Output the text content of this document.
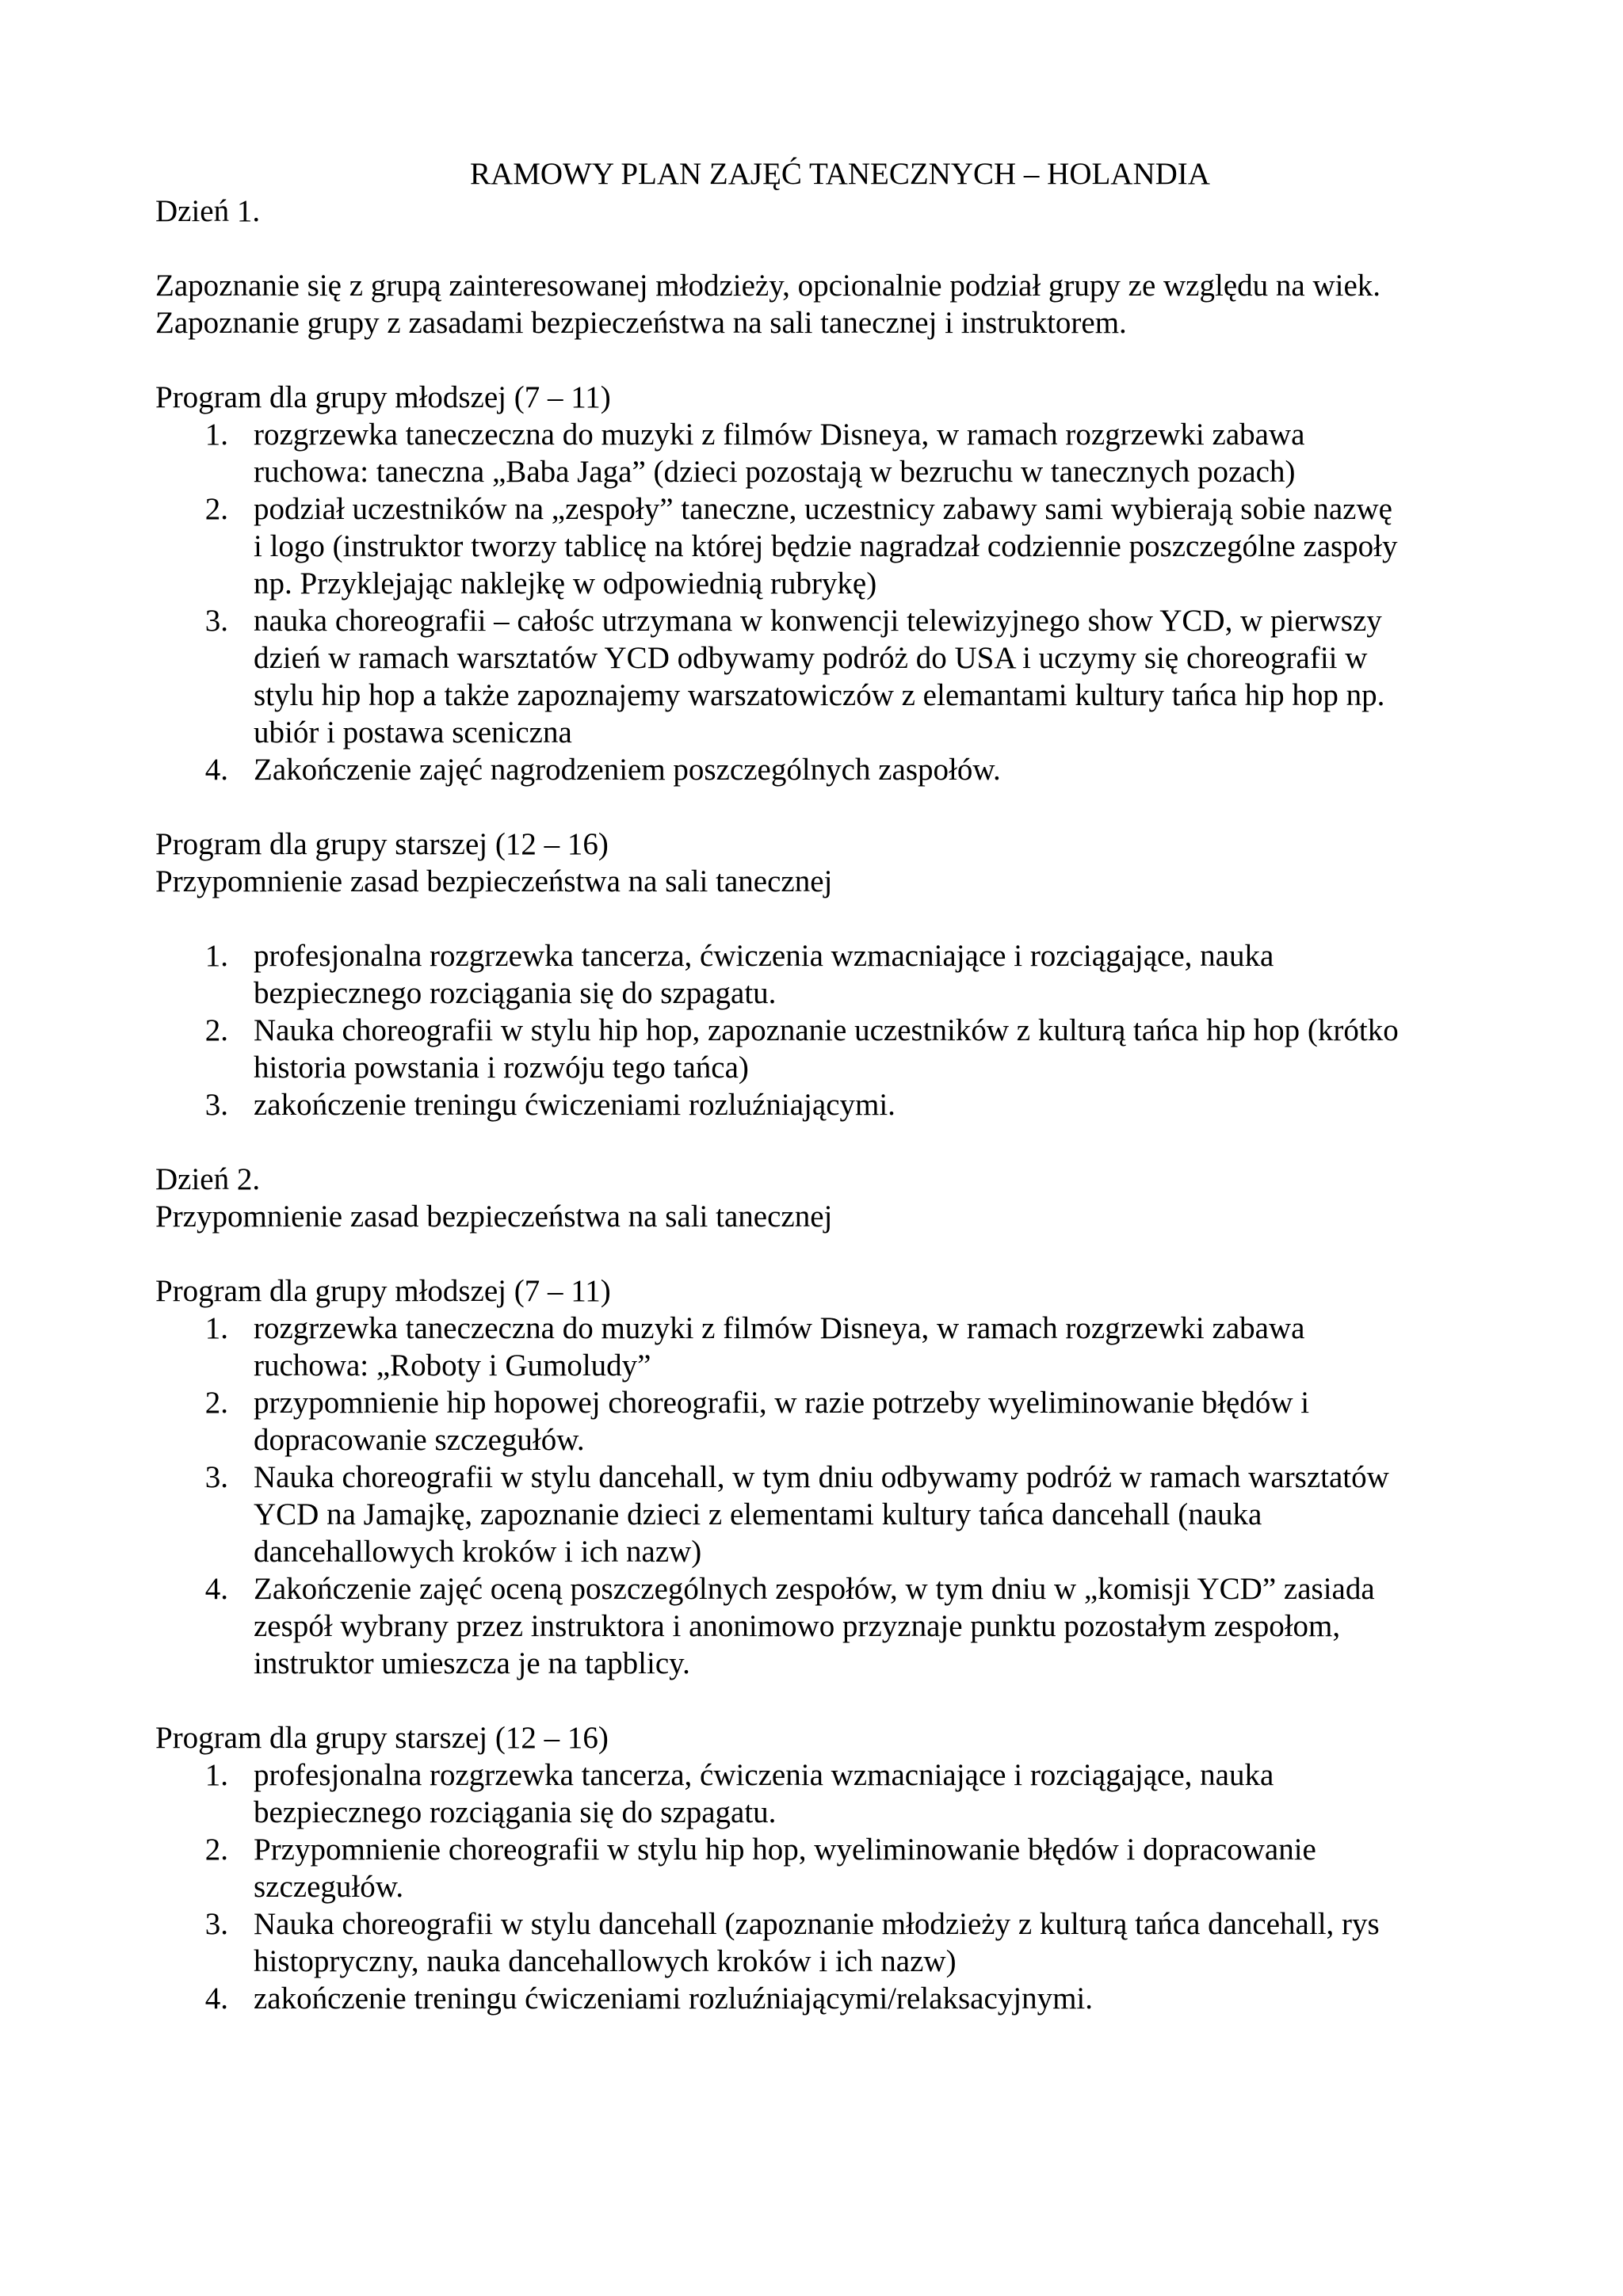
RAMOWY PLAN ZAJĘĆ TANECZNYCH – HOLANDIA

Dzień 1.

Zapoznanie się z grupą zainteresowanej młodzieży, opcionalnie podział grupy ze względu na wiek.

Zapoznanie grupy z zasadami bezpieczeństwa na sali tanecznej i instruktorem.

Program dla grupy młodszej (7 – 11)

1. rozgrzewka taneczeczna do muzyki z filmów Disneya, w ramach rozgrzewki zabawa
ruchowa: taneczna „Baba Jaga” (dzieci pozostają w bezruchu w tanecznych pozach)
2. podział uczestników na „zespoły” taneczne, uczestnicy zabawy sami wybierają sobie nazwę
i logo (instruktor tworzy tablicę na której będzie nagradzał codziennie poszczególne zaspoły
np. Przyklejając naklejkę w odpowiednią rubrykę)
3. nauka choreografii – całośc utrzymana w konwencji telewizyjnego show YCD, w pierwszy
dzień w ramach warsztatów YCD odbywamy podróż do USA i uczymy się choreografii w
stylu hip hop a także zapoznajemy warszatowiczów z elemantami kultury tańca hip hop np.
ubiór i postawa sceniczna
4. Zakończenie zajęć nagrodzeniem poszczególnych zaspołów.

Program dla grupy starszej (12 – 16)

Przypomnienie zasad bezpieczeństwa na sali tanecznej

1. profesjonalna rozgrzewka tancerza, ćwiczenia wzmacniające i rozciągające, nauka
bezpiecznego rozciągania się do szpagatu.
2. Nauka choreografii w stylu hip hop, zapoznanie uczestników z kulturą tańca hip hop (krótko
historia powstania i rozwóju tego tańca)
3. zakończenie treningu ćwiczeniami rozluźniającymi.

Dzień 2.

Przypomnienie zasad bezpieczeństwa na sali tanecznej

Program dla grupy młodszej (7 – 11)

1. rozgrzewka taneczeczna do muzyki z filmów Disneya, w ramach rozgrzewki zabawa
ruchowa: „Roboty i Gumoludy”
2. przypomnienie hip hopowej choreografii, w razie potrzeby wyeliminowanie błędów i
dopracowanie szczegułów.
3. Nauka choreografii w stylu dancehall, w tym dniu odbywamy podróż w ramach warsztatów
YCD na Jamajkę, zapoznanie dzieci z elementami kultury tańca dancehall (nauka
dancehallowych kroków i ich nazw)
4. Zakończenie zajęć oceną poszczególnych zespołów, w tym dniu w „komisji YCD” zasiada
zespół wybrany przez instruktora i anonimowo przyznaje punktu pozostałym zespołom,
instruktor umieszcza je na tapblicy.

Program dla grupy starszej (12 – 16)

1. profesjonalna rozgrzewka tancerza, ćwiczenia wzmacniające i rozciągające, nauka
bezpiecznego rozciągania się do szpagatu.
2. Przypomnienie choreografii w stylu hip hop, wyeliminowanie błędów i dopracowanie
szczegułów.
3. Nauka choreografii w stylu dancehall (zapoznanie młodzieży z kulturą tańca dancehall, rys
histopryczny, nauka dancehallowych kroków i ich nazw)
4. zakończenie treningu ćwiczeniami rozluźniającymi/relaksacyjnymi.
